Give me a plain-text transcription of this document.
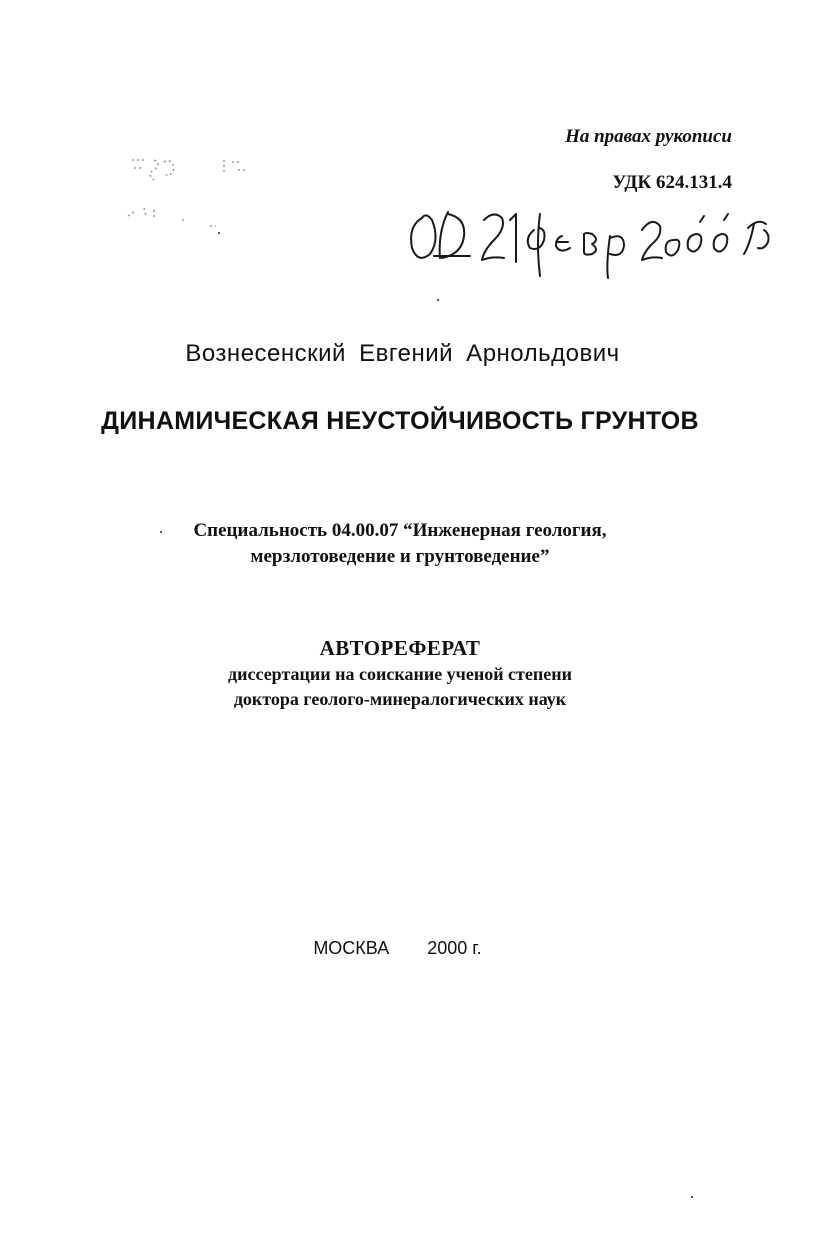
На правах рукописи
УДК 624.131.4
Вознесенский Евгений Арнольдович
ДИНАМИЧЕСКАЯ НЕУСТОЙЧИВОСТЬ ГРУНТОВ
Специальность 04.00.07 “Инженерная геология,
мерзлотоведение и грунтоведение”
АВТОРЕФЕРАТ
диссертации на соискание ученой степени
доктора геолого-минералогических наук
МОСКВА 2000 г.
